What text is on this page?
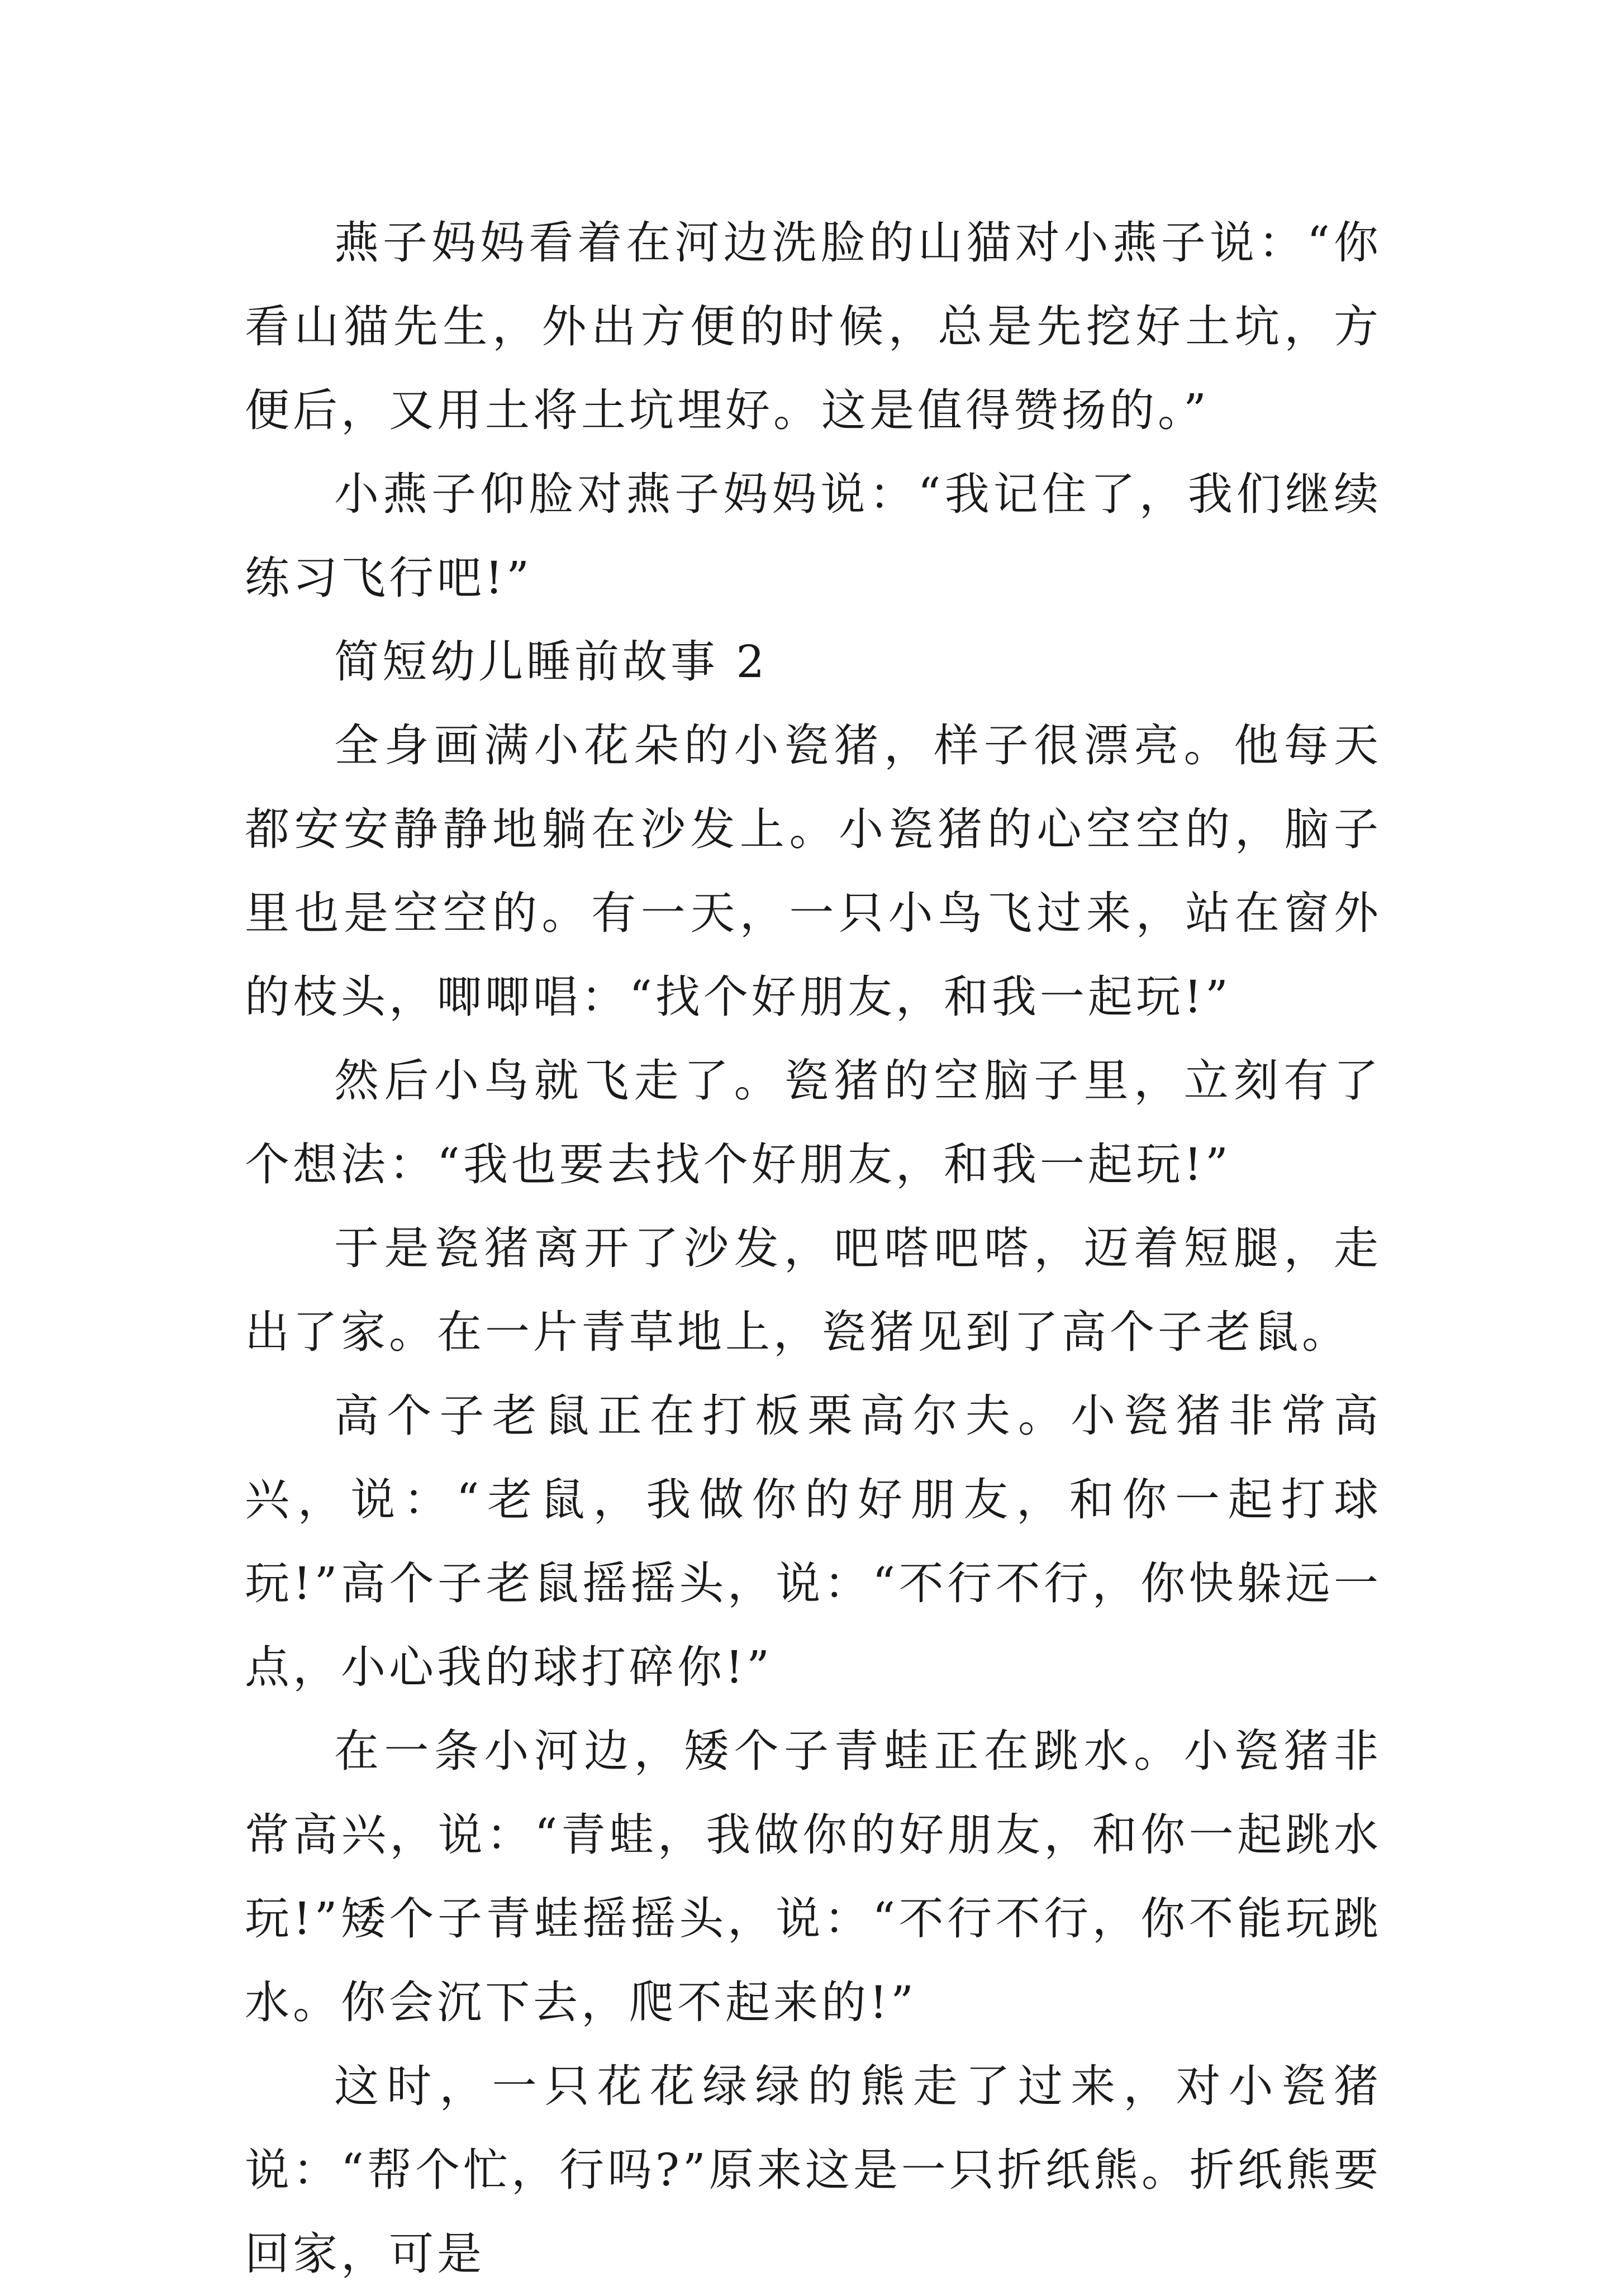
燕子妈妈看着在河边洗脸的山猫对小燕子说：“你看山猫先生，外出方便的时候，总是先挖好土坑，方便后，又用土将土坑埋好。这是值得赞扬的。”

小燕子仰脸对燕子妈妈说：“我记住了，我们继续练习飞行吧!”

简短幼儿睡前故事 2

全身画满小花朵的小瓷猪，样子很漂亮。他每天都安安静静地躺在沙发上。小瓷猪的心空空的，脑子里也是空空的。有一天，一只小鸟飞过来，站在窗外的枝头，唧唧唱：“找个好朋友，和我一起玩!”

然后小鸟就飞走了。瓷猪的空脑子里，立刻有了个想法：“我也要去找个好朋友，和我一起玩!”

于是瓷猪离开了沙发，吧嗒吧嗒，迈着短腿，走出了家。在一片青草地上，瓷猪见到了高个子老鼠。

高个子老鼠正在打板栗高尔夫。小瓷猪非常高兴，说：“老鼠，我做你的好朋友，和你一起打球玩!”高个子老鼠摇摇头，说：“不行不行，你快躲远一点，小心我的球打碎你!”

在一条小河边，矮个子青蛙正在跳水。小瓷猪非常高兴，说：“青蛙，我做你的好朋友，和你一起跳水玩!”矮个子青蛙摇摇头，说：“不行不行，你不能玩跳水。你会沉下去，爬不起来的!”

这时，一只花花绿绿的熊走了过来，对小瓷猪说：“帮个忙，行吗?”原来这是一只折纸熊。折纸熊要回家，可是
